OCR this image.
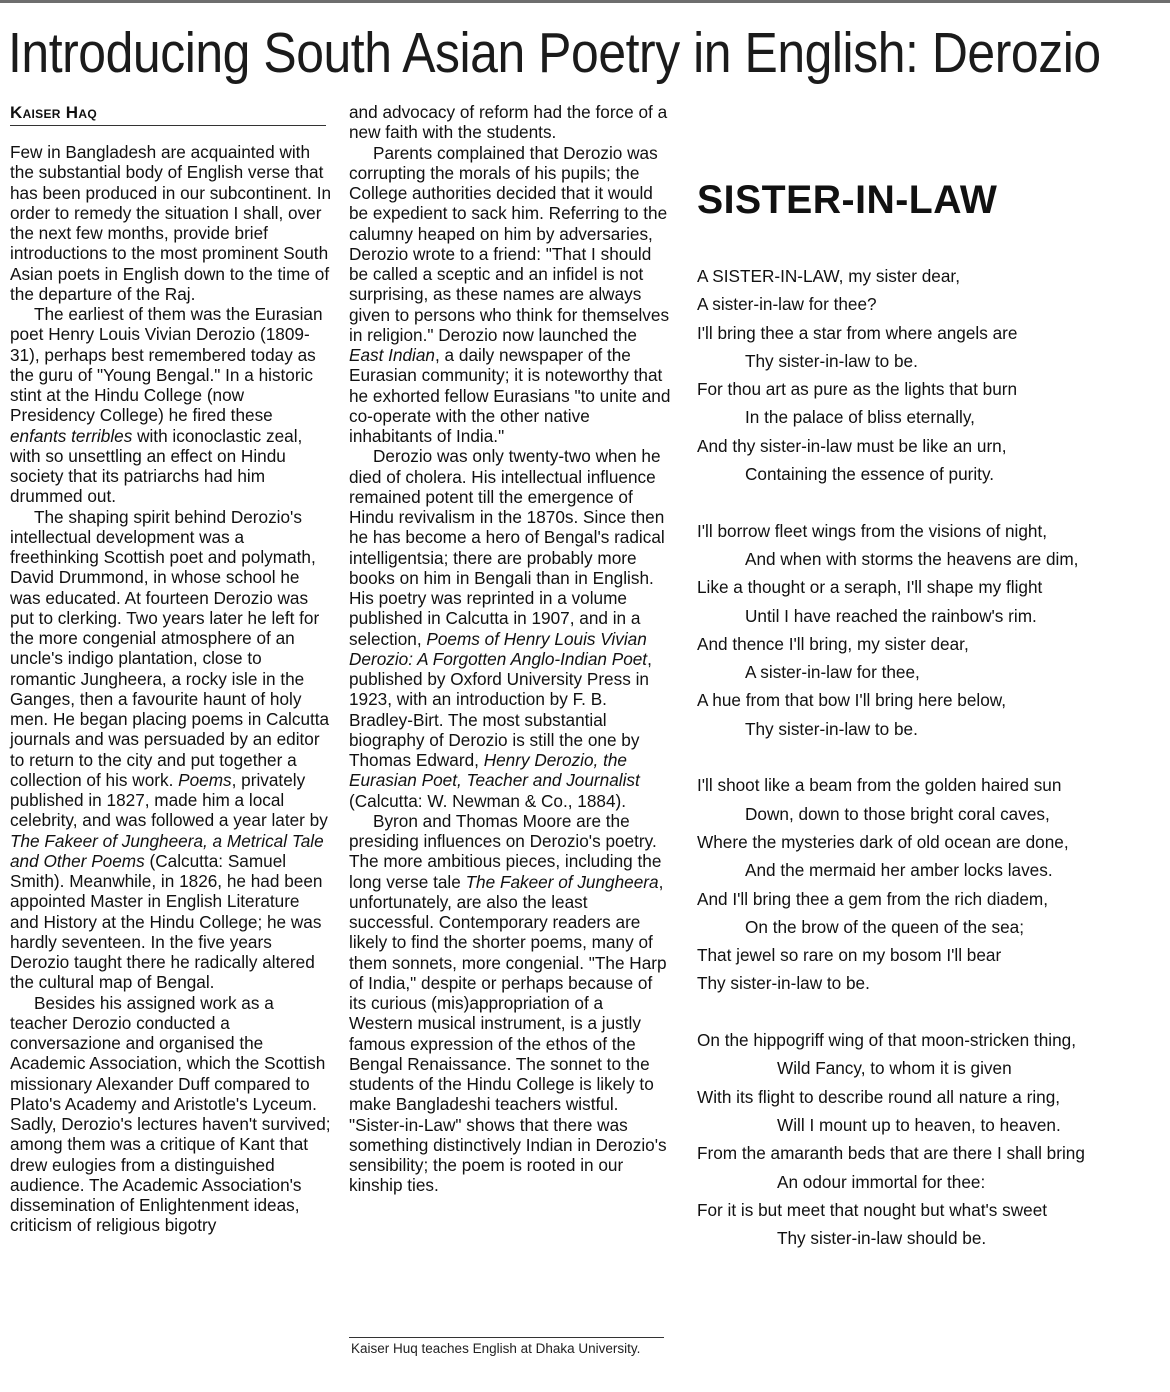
Introducing South Asian Poetry in English: Derozio
Kaiser Haq

Few in Bangladesh are acquainted with the substantial body of English verse that has been produced in our subcontinent. In order to remedy the situation I shall, over the next few months, provide brief introductions to the most prominent South Asian poets in English down to the time of the departure of the Raj.

The earliest of them was the Eurasian poet Henry Louis Vivian Derozio (1809-31), perhaps best remembered today as the guru of "Young Bengal." In a historic stint at the Hindu College (now Presidency College) he fired these enfants terribles with iconoclastic zeal, with so unsettling an effect on Hindu society that its patriarchs had him drummed out.

The shaping spirit behind Derozio's intellectual development was a freethinking Scottish poet and polymath, David Drummond, in whose school he was educated. At fourteen Derozio was put to clerking. Two years later he left for the more congenial atmosphere of an uncle's indigo plantation, close to romantic Jungheera, a rocky isle in the Ganges, then a favourite haunt of holy men. He began placing poems in Calcutta journals and was persuaded by an editor to return to the city and put together a collection of his work. Poems, privately published in 1827, made him a local celebrity, and was followed a year later by The Fakeer of Jungheera, a Metrical Tale and Other Poems (Calcutta: Samuel Smith). Meanwhile, in 1826, he had been appointed Master in English Literature and History at the Hindu College; he was hardly seventeen. In the five years Derozio taught there he radically altered the cultural map of Bengal.

Besides his assigned work as a teacher Derozio conducted a conversazione and organised the Academic Association, which the Scottish missionary Alexander Duff compared to Plato's Academy and Aristotle's Lyceum. Sadly, Derozio's lectures haven't survived; among them was a critique of Kant that drew eulogies from a distinguished audience. The Academic Association's dissemination of Enlightenment ideas, criticism of religious bigotry

and advocacy of reform had the force of a new faith with the students.

Parents complained that Derozio was corrupting the morals of his pupils; the College authorities decided that it would be expedient to sack him. Referring to the calumny heaped on him by adversaries, Derozio wrote to a friend: "That I should be called a sceptic and an infidel is not surprising, as these names are always given to persons who think for themselves in religion." Derozio now launched the East Indian, a daily newspaper of the Eurasian community; it is noteworthy that he exhorted fellow Eurasians "to unite and co-operate with the other native inhabitants of India."

Derozio was only twenty-two when he died of cholera. His intellectual influence remained potent till the emergence of Hindu revivalism in the 1870s. Since then he has become a hero of Bengal's radical intelligentsia; there are probably more books on him in Bengali than in English. His poetry was reprinted in a volume published in Calcutta in 1907, and in a selection, Poems of Henry Louis Vivian Derozio: A Forgotten Anglo-Indian Poet, published by Oxford University Press in 1923, with an introduction by F. B. Bradley-Birt. The most substantial biography of Derozio is still the one by Thomas Edward, Henry Derozio, the Eurasian Poet, Teacher and Journalist (Calcutta: W. Newman & Co., 1884).

Byron and Thomas Moore are the presiding influences on Derozio's poetry. The more ambitious pieces, including the long verse tale The Fakeer of Jungheera, unfortunately, are also the least successful. Contemporary readers are likely to find the shorter poems, many of them sonnets, more congenial. "The Harp of India," despite or perhaps because of its curious (mis)appropriation of a Western musical instrument, is a justly famous expression of the ethos of the Bengal Renaissance. The sonnet to the students of the Hindu College is likely to make Bangladeshi teachers wistful. "Sister-in-Law" shows that there was something distinctively Indian in Derozio's sensibility; the poem is rooted in our kinship ties.

Kaiser Huq teaches English at Dhaka University.
SISTER-IN-LAW
A SISTER-IN-LAW, my sister dear,
A sister-in-law for thee?
I'll bring thee a star from where angels are
Thy sister-in-law to be.
For thou art as pure as the lights that burn
In the palace of bliss eternally,
And thy sister-in-law must be like an urn,
Containing the essence of purity.
I'll borrow fleet wings from the visions of night,
And when with storms the heavens are dim,
Like a thought or a seraph, I'll shape my flight
Until I have reached the rainbow's rim.
And thence I'll bring, my sister dear,
A sister-in-law for thee,
A hue from that bow I'll bring here below,
Thy sister-in-law to be.
I'll shoot like a beam from the golden haired sun
Down, down to those bright coral caves,
Where the mysteries dark of old ocean are done,
And the mermaid her amber locks laves.
And I'll bring thee a gem from the rich diadem,
On the brow of the queen of the sea;
That jewel so rare on my bosom I'll bear
Thy sister-in-law to be.
On the hippogriff wing of that moon-stricken thing,
Wild Fancy, to whom it is given
With its flight to describe round all nature a ring,
Will I mount up to heaven, to heaven.
From the amaranth beds that are there I shall bring
An odour immortal for thee:
For it is but meet that nought but what's sweet
Thy sister-in-law should be.
